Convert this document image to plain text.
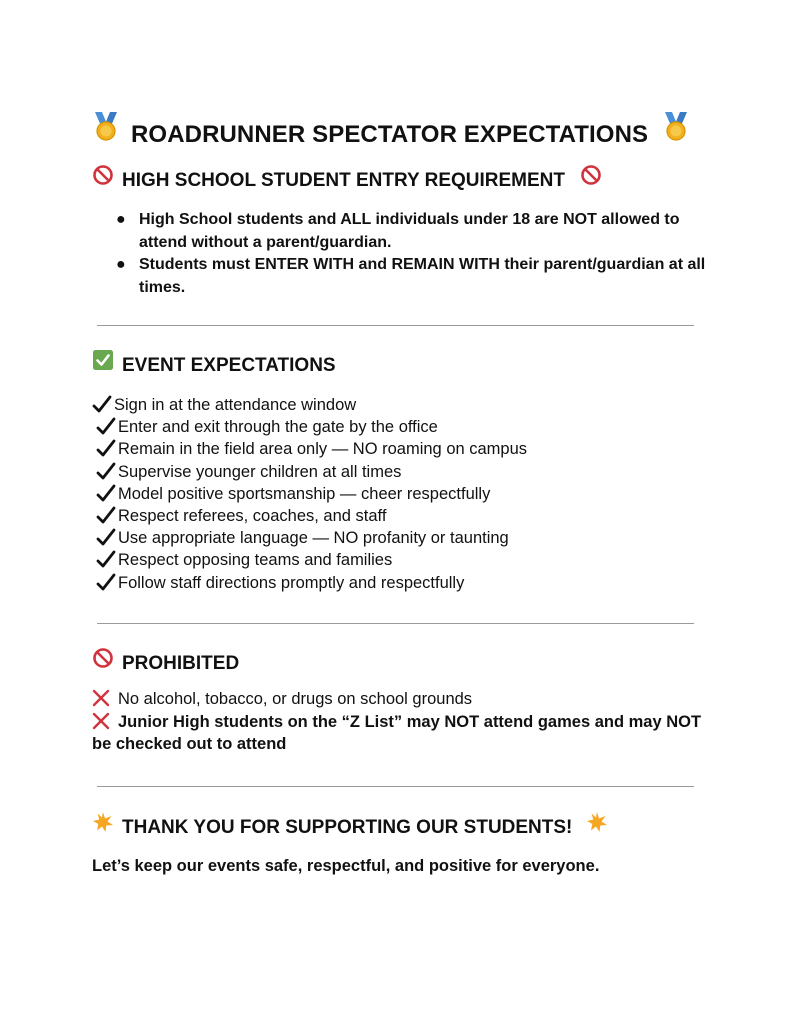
ROADRUNNER SPECTATOR EXPECTATIONS
HIGH SCHOOL STUDENT ENTRY REQUIREMENT
● High School students and ALL individuals under 18 are NOT allowed to attend without a parent/guardian.
● Students must ENTER WITH and REMAIN WITH their parent/guardian at all times.
EVENT EXPECTATIONS
Sign in at the attendance window
Enter and exit through the gate by the office
Remain in the field area only — NO roaming on campus
Supervise younger children at all times
Model positive sportsmanship — cheer respectfully
Respect referees, coaches, and staff
Use appropriate language — NO profanity or taunting
Respect opposing teams and families
Follow staff directions promptly and respectfully
PROHIBITED
No alcohol, tobacco, or drugs on school grounds
Junior High students on the “Z List” may NOT attend games and may NOT be checked out to attend
THANK YOU FOR SUPPORTING OUR STUDENTS!

Let’s keep our events safe, respectful, and positive for everyone.
